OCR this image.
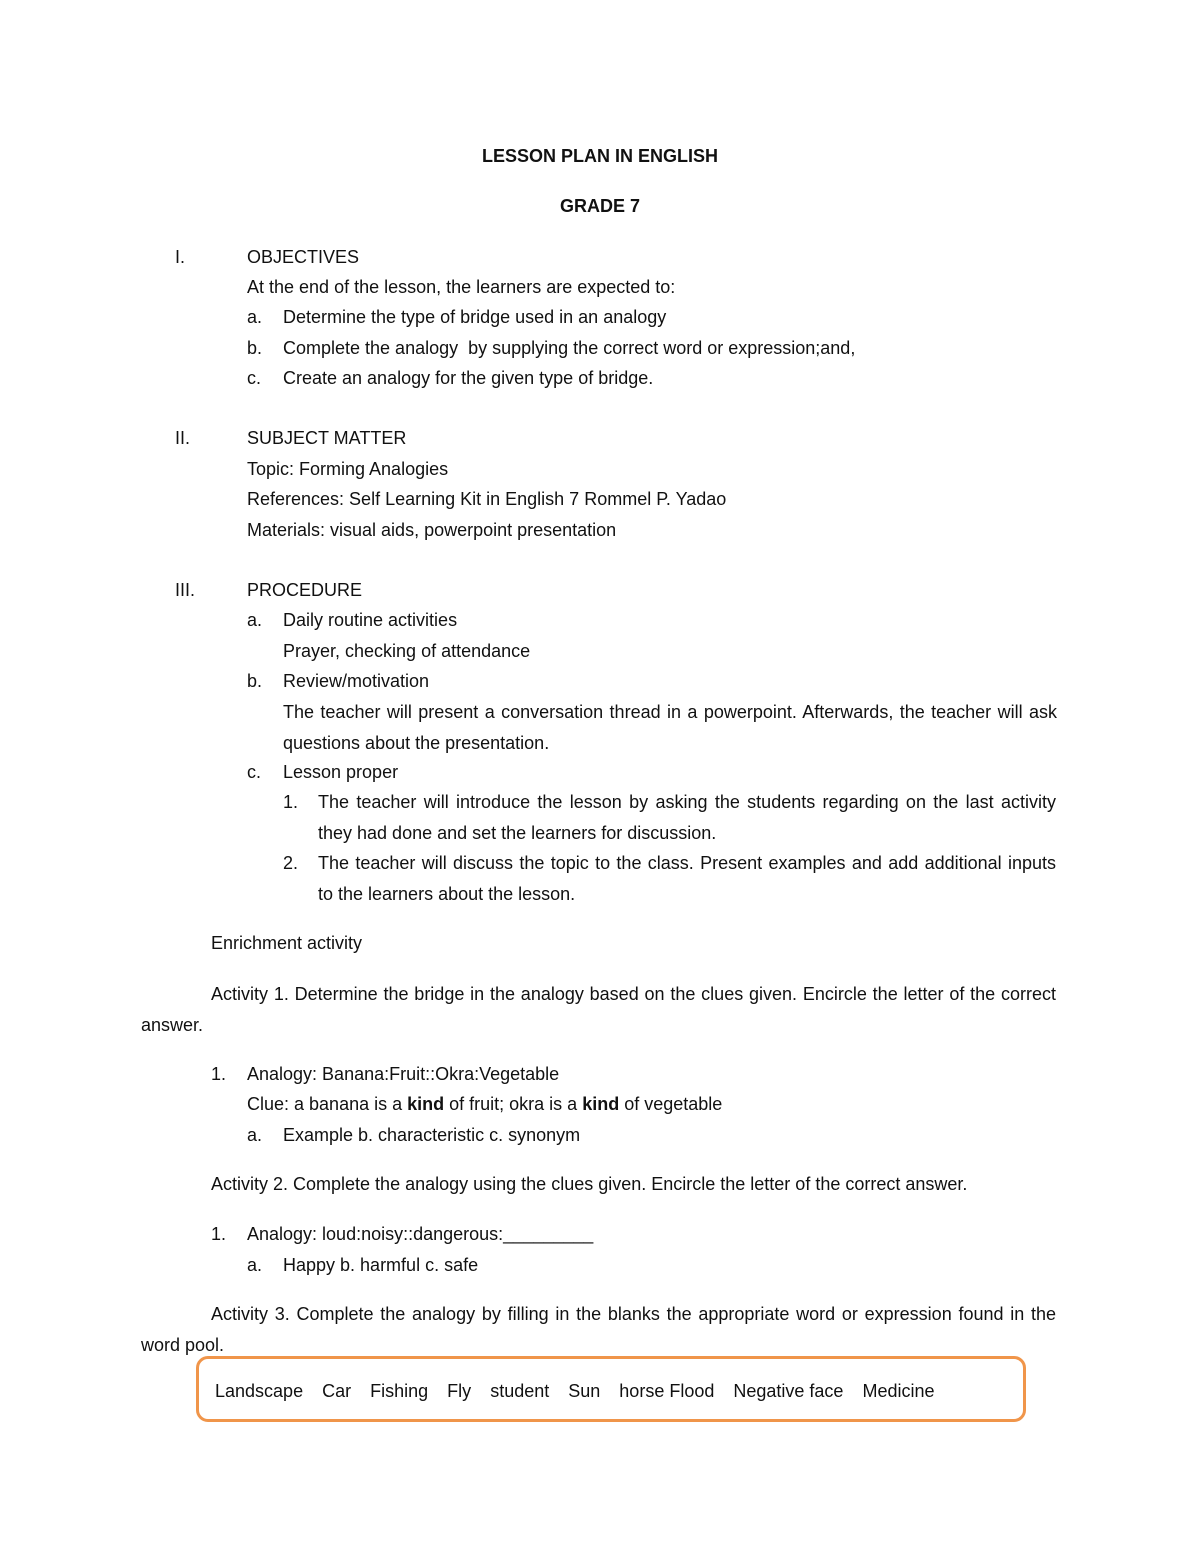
LESSON PLAN IN ENGLISH
GRADE 7
I.	OBJECTIVES
At the end of the lesson, the learners are expected to:
a. Determine the type of bridge used in an analogy
b. Complete the analogy  by supplying the correct word or expression;and,
c. Create an analogy for the given type of bridge.
II.	SUBJECT MATTER
Topic: Forming Analogies
References: Self Learning Kit in English 7 Rommel P. Yadao
Materials: visual aids, powerpoint presentation
III.	PROCEDURE
a. Daily routine activities
Prayer, checking of attendance
b. Review/motivation
The teacher will present a conversation thread in a powerpoint. Afterwards, the teacher will ask questions about the presentation.
c. Lesson proper
1. The teacher will introduce the lesson by asking the students regarding on the last activity they had done and set the learners for discussion.
2. The teacher will discuss the topic to the class. Present examples and add additional inputs to the learners about the lesson.
Enrichment activity
Activity 1. Determine the bridge in the analogy based on the clues given. Encircle the letter of the correct answer.
1. Analogy: Banana:Fruit::Okra:Vegetable
Clue: a banana is a kind of fruit; okra is a kind of vegetable
a. Example b. characteristic c. synonym
Activity 2. Complete the analogy using the clues given. Encircle the letter of the correct answer.
1. Analogy: loud:noisy::dangerous:_________
a. Happy b. harmful c. safe
Activity 3. Complete the analogy by filling in the blanks the appropriate word or expression found in the word pool.
Landscape Car Fishing Fly student Sun horse Flood Negative face Medicine
